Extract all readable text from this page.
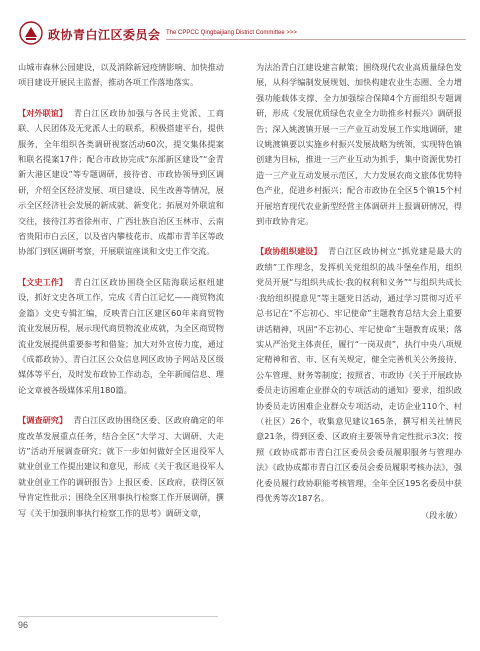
政协青白江区委员会 The CPPCC Qingbaijiang District Committee >>>

山城市森林公园建设，以及消除新冠疫情影响、加快推动项目建设开展民主监督，推动各项工作落地落实。

【对外联谊】 青白江区政协加强与各民主党派、工商联、人民团体及无党派人士的联系，积极搭建平台，提供服务，全年组织各类调研视察活动60次，提交集体提案和联名提案17件；配合市政协完成“东部新区建设”“金青新大港区建设”等专题调研，接待省、市政协领导到区调研，介绍全区经济发展、项目建设、民生改善等情况，展示全区经济社会发展的新成就、新变化；拓展对外联谊和交往，接待江苏省徐州市、广西壮族自治区玉林市、云南省贵阳市白云区，以及省内攀枝花市、成都市青羊区等政协部门到区调研考察，开展联谊座谈和文史工作交流。

【文史工作】 青白江区政协围绕全区陆海联运枢纽建设，抓好文史各项工作，完成《青白江记忆——商贸物流金篇》文史专辑汇编，反映青白江区建区60年来商贸物流业发展历程，展示现代商贸物流业成就，为全区商贸物流业发展提供重要参考和借鉴；加大对外宣传力度，通过《成都政协》、青白江区公众信息网区政协子网站及区级媒体等平台，及时发布政协工作动态，全年新闻信息、理论文章被各级媒体采用180篇。

【调查研究】 青白江区政协围绕区委、区政府确定的年度改革发展重点任务，结合全区“大学习、大调研、大走访”活动开展调查研究；就下一步如何做好全区退役军人就业创业工作提出建议和意见，形成《关于我区退役军人就业创业工作的调研报告》上报区委、区政府，获得区领导肯定性批示；围绕全区刑事执行检察工作开展调研，撰写《关于加强刑事执行检察工作的思考》调研文章，

为法治青白江建设建言献策；围绕现代农业高质量绿色发展，从科学编制发展规划、加快构建农业生态圈、全力增强功能载体支撑、全力加强综合保障4个方面组织专题调研，形成《发展优质绿色农业全力助推乡村振兴》调研报告；深入姚渡镇开展一三产业互动发展工作实地调研，建议姚渡镇要以实施乡村振兴发展战略为统领，实现特色镇创建为目标，推进一三产业互动为抓手，集中资源优势打造一三产业互动发展示范区，大力发展农商文旅体优势特色产业，促进乡村振兴；配合市政协在全区5个镇15个村开展培育现代农业新型经营主体调研并上报调研情况，得到市政协肯定。

【政协组织建设】 青白江区政协树立“抓党建是最大的政绩”工作理念，发挥机关党组织的战斗堡垒作用，组织党员开展“与组织共成长·我的权利和义务”“与组织共成长·我给组织提意见”等主题党日活动，通过学习贯彻习近平总书记在“不忘初心、牢记使命”主题教育总结大会上重要讲话精神，巩固“不忘初心、牢记使命”主题教育成果；落实从严治党主体责任，履行“一岗双责”，执行中央八项规定精神和省、市、区有关规定，健全完善机关公务接待、公车管理、财务等制度；按照省、市政协《关于开展政协委员走访困难企业群众的专项活动的通知》要求，组织政协委员走访困难企业群众专项活动，走访企业110个、村（社区）26个，收集意见建议165条，撰写相关社情民意21条，得到区委、区政府主要领导肯定性批示3次；按照《政协成都市青白江区委员会委员履职服务与管理办法》《政协成都市青白江区委员会委员履职考核办法》，强化委员履行政协职能考核管理，全年全区195名委员中获得优秀等次187名。

（段永敏）
96
